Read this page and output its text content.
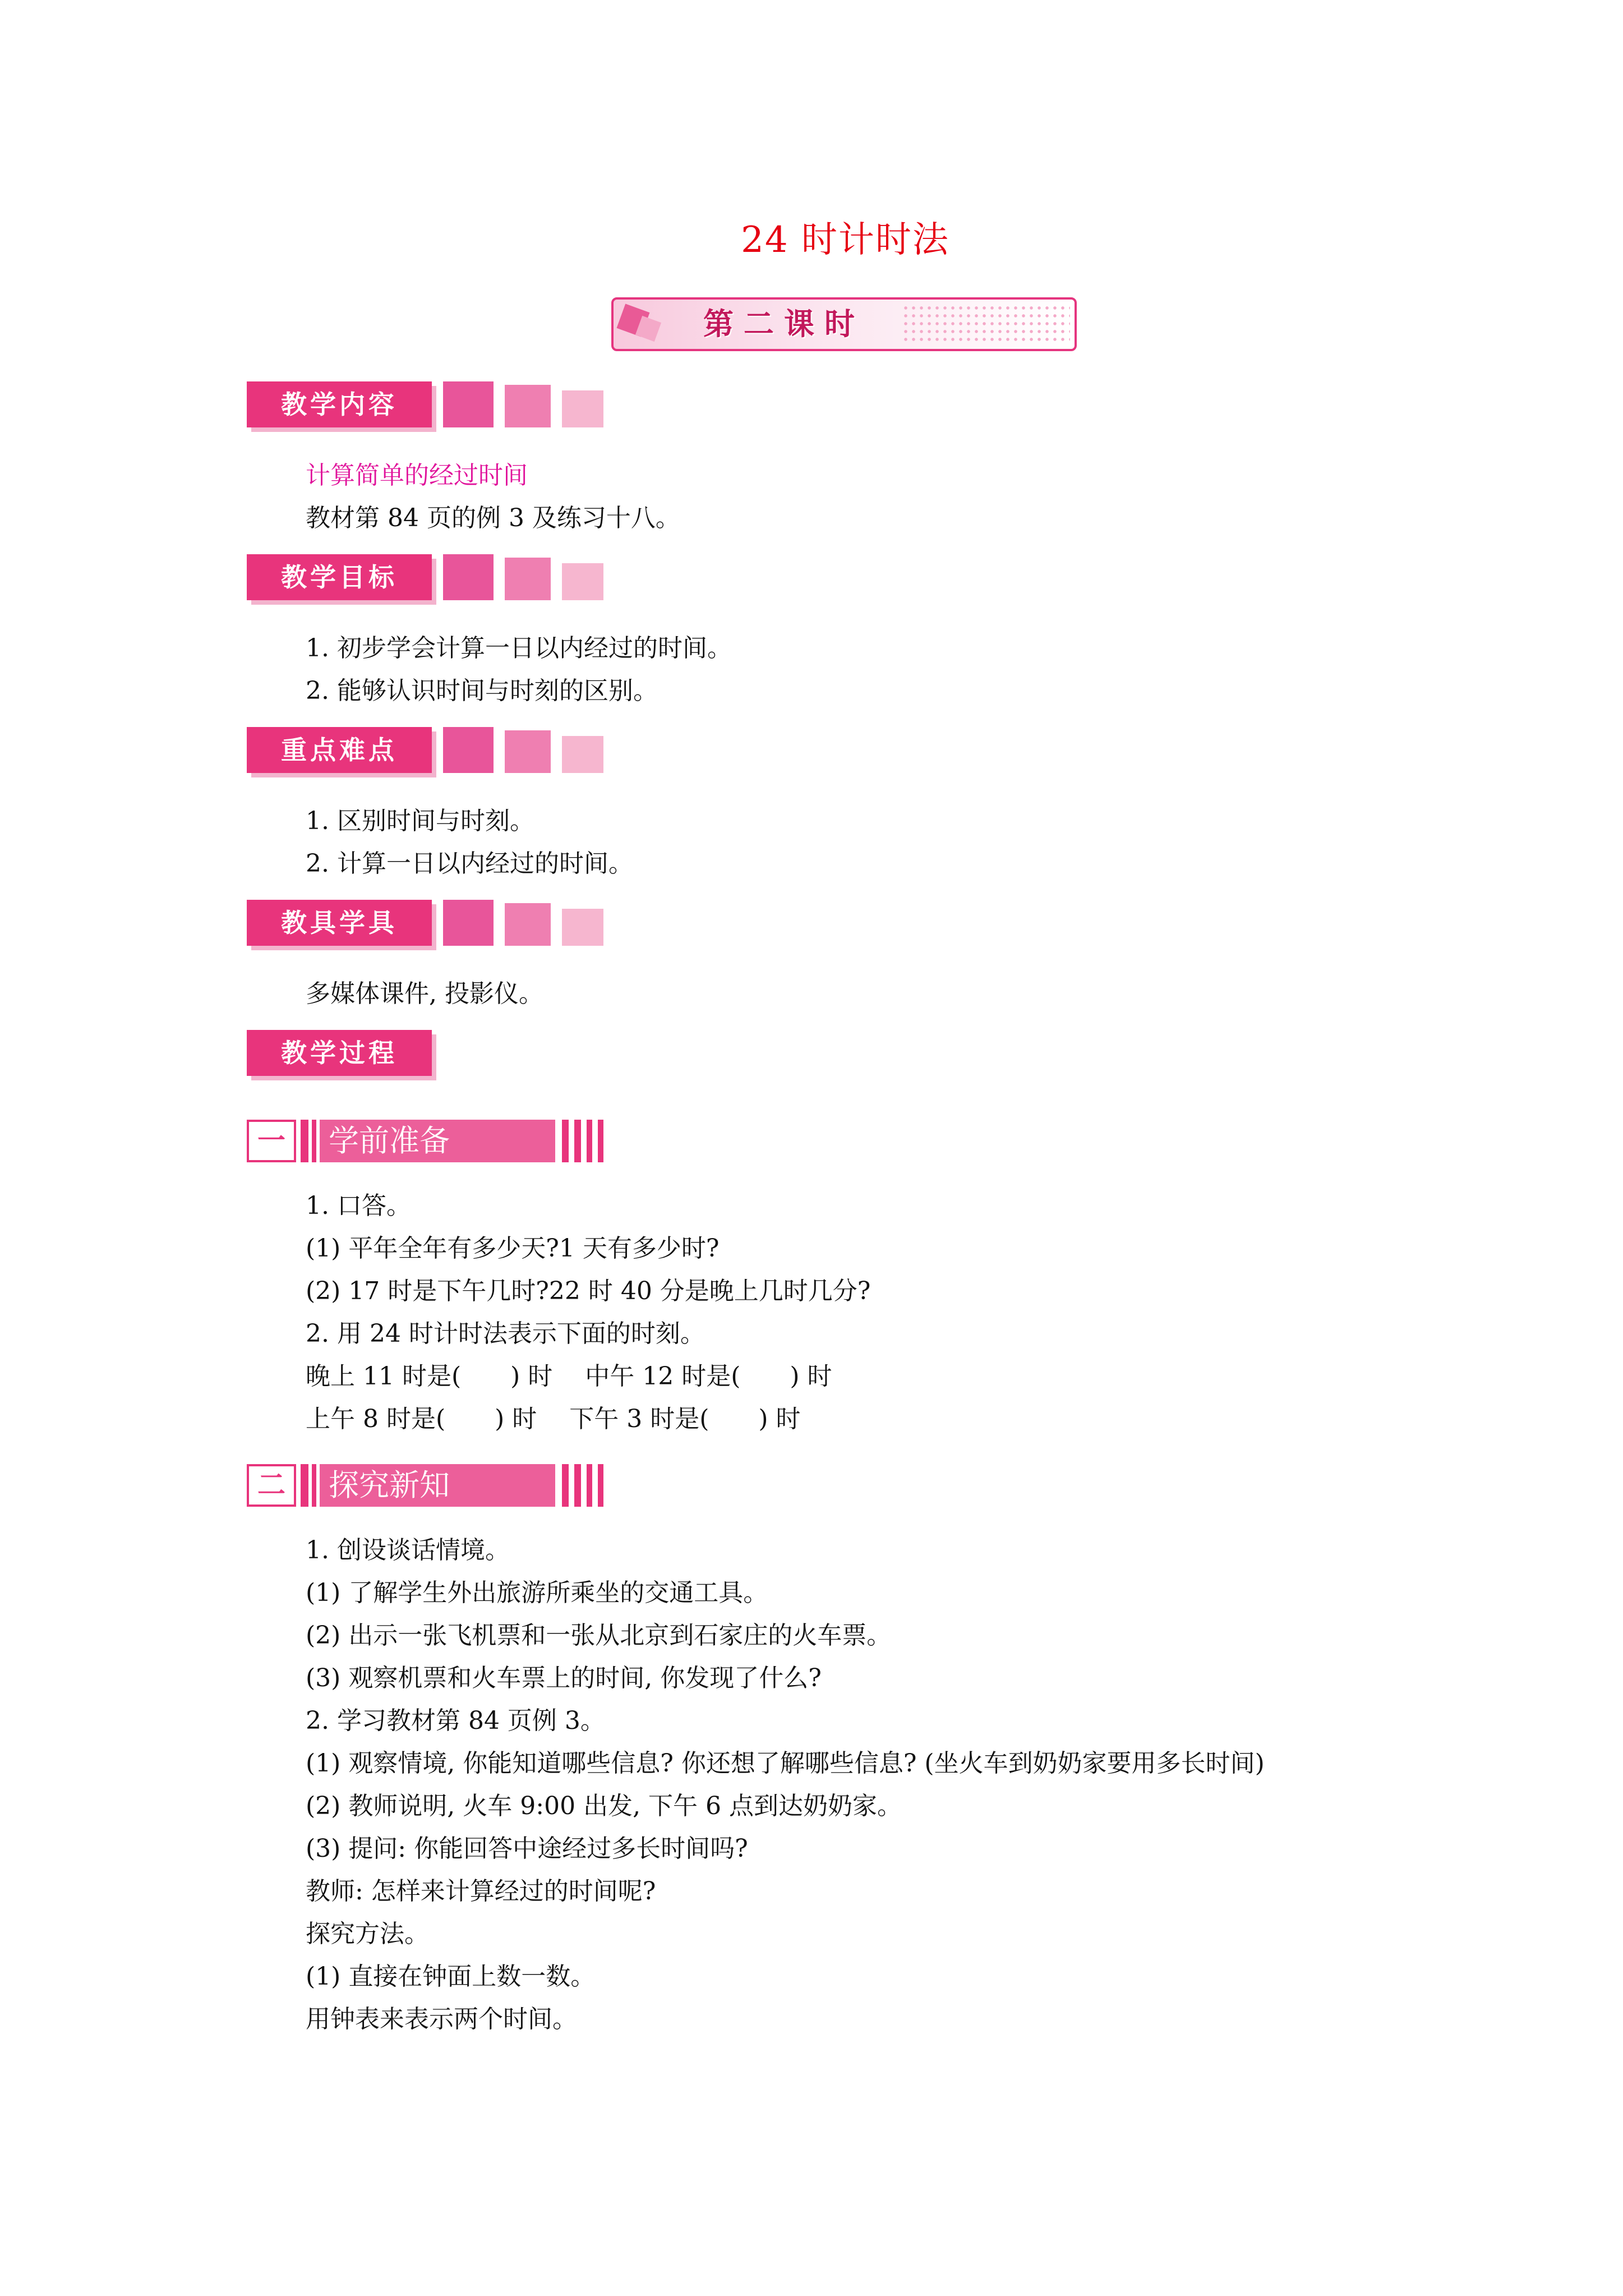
24 时计时法
第二课时
教学内容
计算简单的经过时间
教材第 84 页的例 3 及练习十八。
教学目标
1. 初步学会计算一日以内经过的时间。
2. 能够认识时间与时刻的区别。
重点难点
1. 区别时间与时刻。
2. 计算一日以内经过的时间。
教具学具
多媒体课件, 投影仪。
教学过程
一	学前准备
1. 口答。
(1) 平年全年有多少天?1 天有多少时?
(2) 17 时是下午几时?22 时 40 分是晚上几时几分?
2. 用 24 时计时法表示下面的时刻。
晚上 11 时是(　　) 时　 中午 12 时是(　　) 时
上午 8 时是(　　) 时　 下午 3 时是(　　) 时
二	探究新知
1. 创设谈话情境。
(1) 了解学生外出旅游所乘坐的交通工具。
(2) 出示一张飞机票和一张从北京到石家庄的火车票。
(3) 观察机票和火车票上的时间, 你发现了什么?
2. 学习教材第 84 页例 3。
(1) 观察情境, 你能知道哪些信息? 你还想了解哪些信息? (坐火车到奶奶家要用多长时间)
(2) 教师说明, 火车 9:00 出发, 下午 6 点到达奶奶家。
(3) 提问: 你能回答中途经过多长时间吗?
教师: 怎样来计算经过的时间呢?
探究方法。
(1) 直接在钟面上数一数。
用钟表来表示两个时间。
